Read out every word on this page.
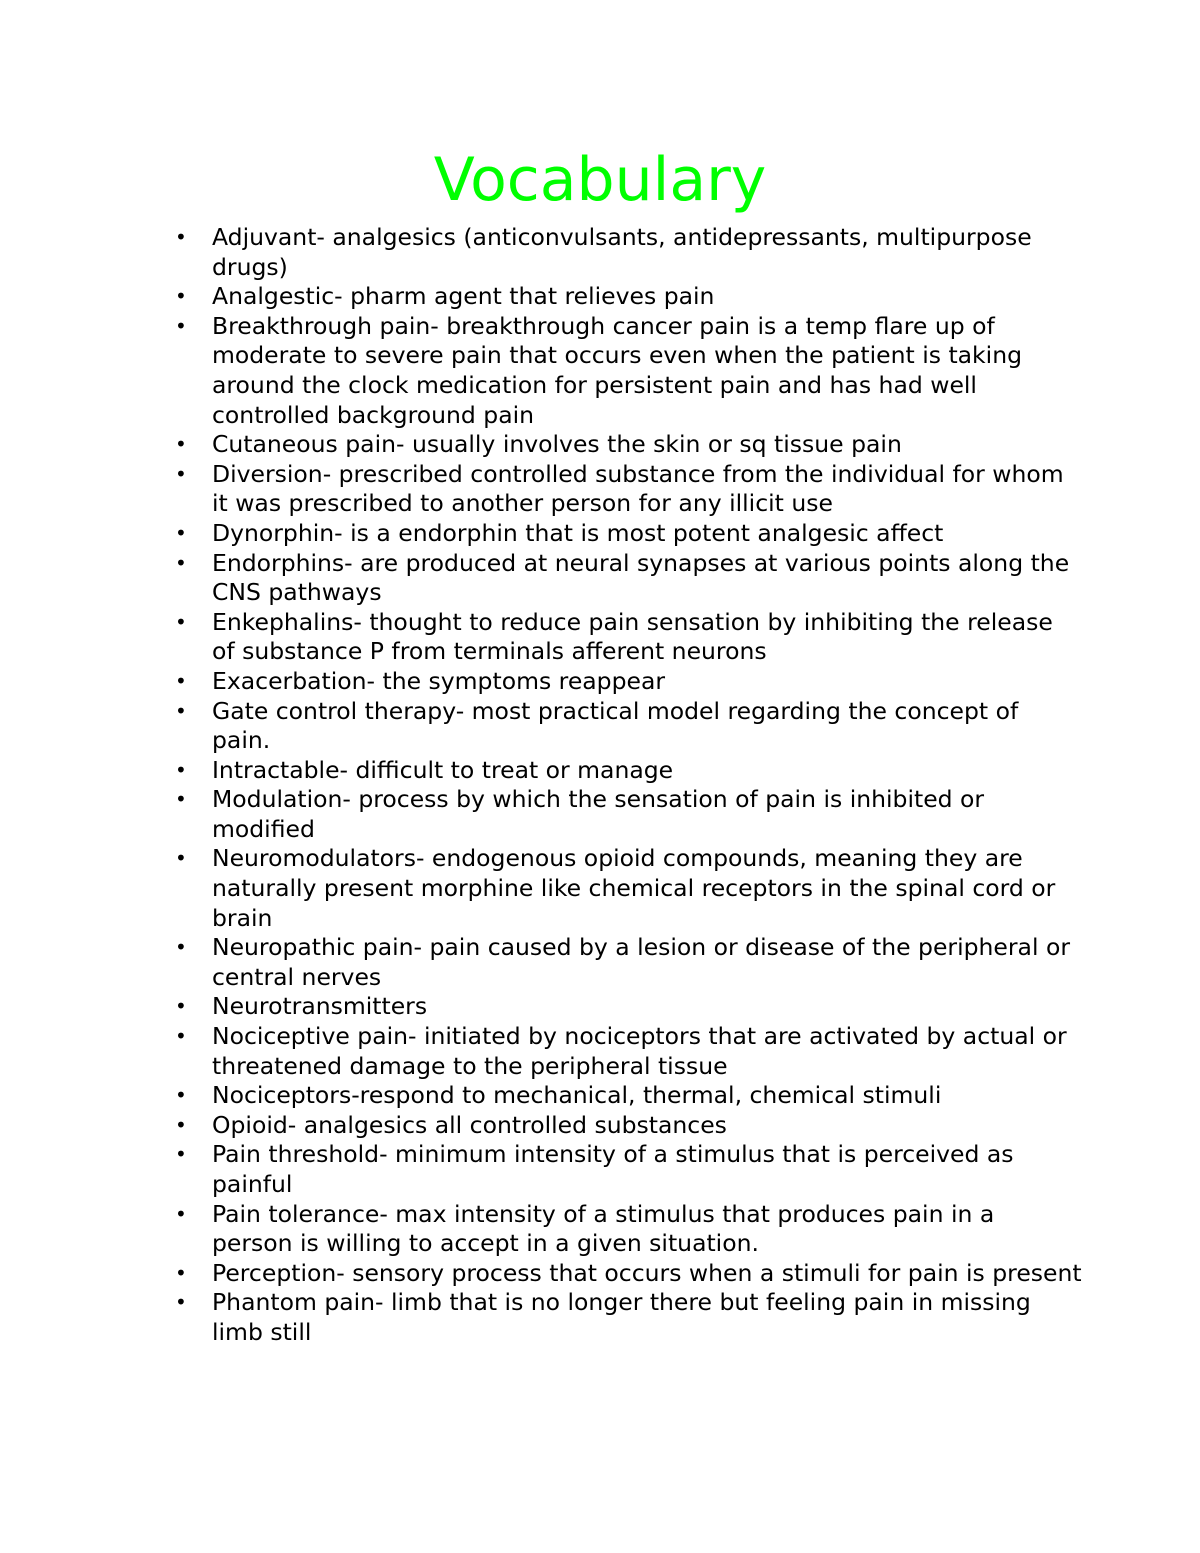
Vocabulary
• Adjuvant- analgesics (anticonvulsants, antidepressants, multipurpose drugs)
• Analgestic- pharm agent that relieves pain
• Breakthrough pain- breakthrough cancer pain is a temp flare up of moderate to severe pain that occurs even when the patient is taking around the clock medication for persistent pain and has had well controlled background pain
• Cutaneous pain- usually involves the skin or sq tissue pain
• Diversion- prescribed controlled substance from the individual for whom it was prescribed to another person for any illicit use
• Dynorphin- is a endorphin that is most potent analgesic affect
• Endorphins- are produced at neural synapses at various points along the CNS pathways
• Enkephalins- thought to reduce pain sensation by inhibiting the release of substance P from terminals afferent neurons
• Exacerbation- the symptoms reappear
• Gate control therapy- most practical model regarding the concept of pain.
• Intractable- difficult to treat or manage
• Modulation- process by which the sensation of pain is inhibited or modified
• Neuromodulators- endogenous opioid compounds, meaning they are naturally present morphine like chemical receptors in the spinal cord or brain
• Neuropathic pain- pain caused by a lesion or disease of the peripheral or central nerves
• Neurotransmitters
• Nociceptive pain- initiated by nociceptors that are activated by actual or threatened damage to the peripheral tissue
• Nociceptors-respond to mechanical, thermal, chemical stimuli
• Opioid- analgesics all controlled substances
• Pain threshold- minimum intensity of a stimulus that is perceived as painful
• Pain tolerance- max intensity of a stimulus that produces pain in a person is willing to accept in a given situation.
• Perception- sensory process that occurs when a stimuli for pain is present
• Phantom pain- limb that is no longer there but feeling pain in missing limb still
